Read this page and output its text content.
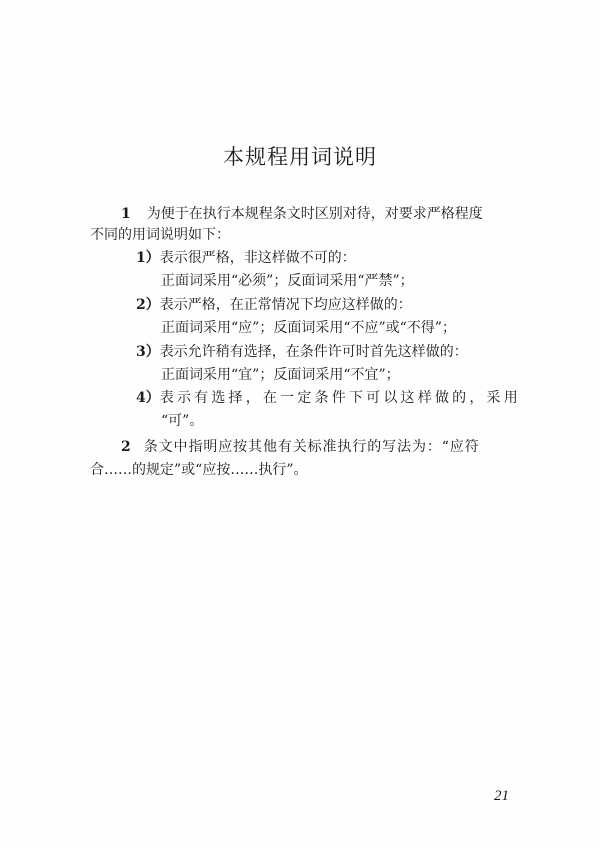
本规程用词说明

1 为便于在执行本规程条文时区别对待，对要求严格程度

不同的用词说明如下：

1）表示很严格，非这样做不可的：

正面词采用“必须”；反面词采用“严禁”；

2）表示严格，在正常情况下均应这样做的：

正面词采用“应”；反面词采用“不应”或“不得”；

3）表示允许稍有选择，在条件许可时首先这样做的：

正面词采用“宜”；反面词采用“不宜”；

4）表示有选择，在一定条件下可以这样做的，采用

“可”。

2 条文中指明应按其他有关标准执行的写法为：“应符

合……的规定”或“应按……执行”。

21
